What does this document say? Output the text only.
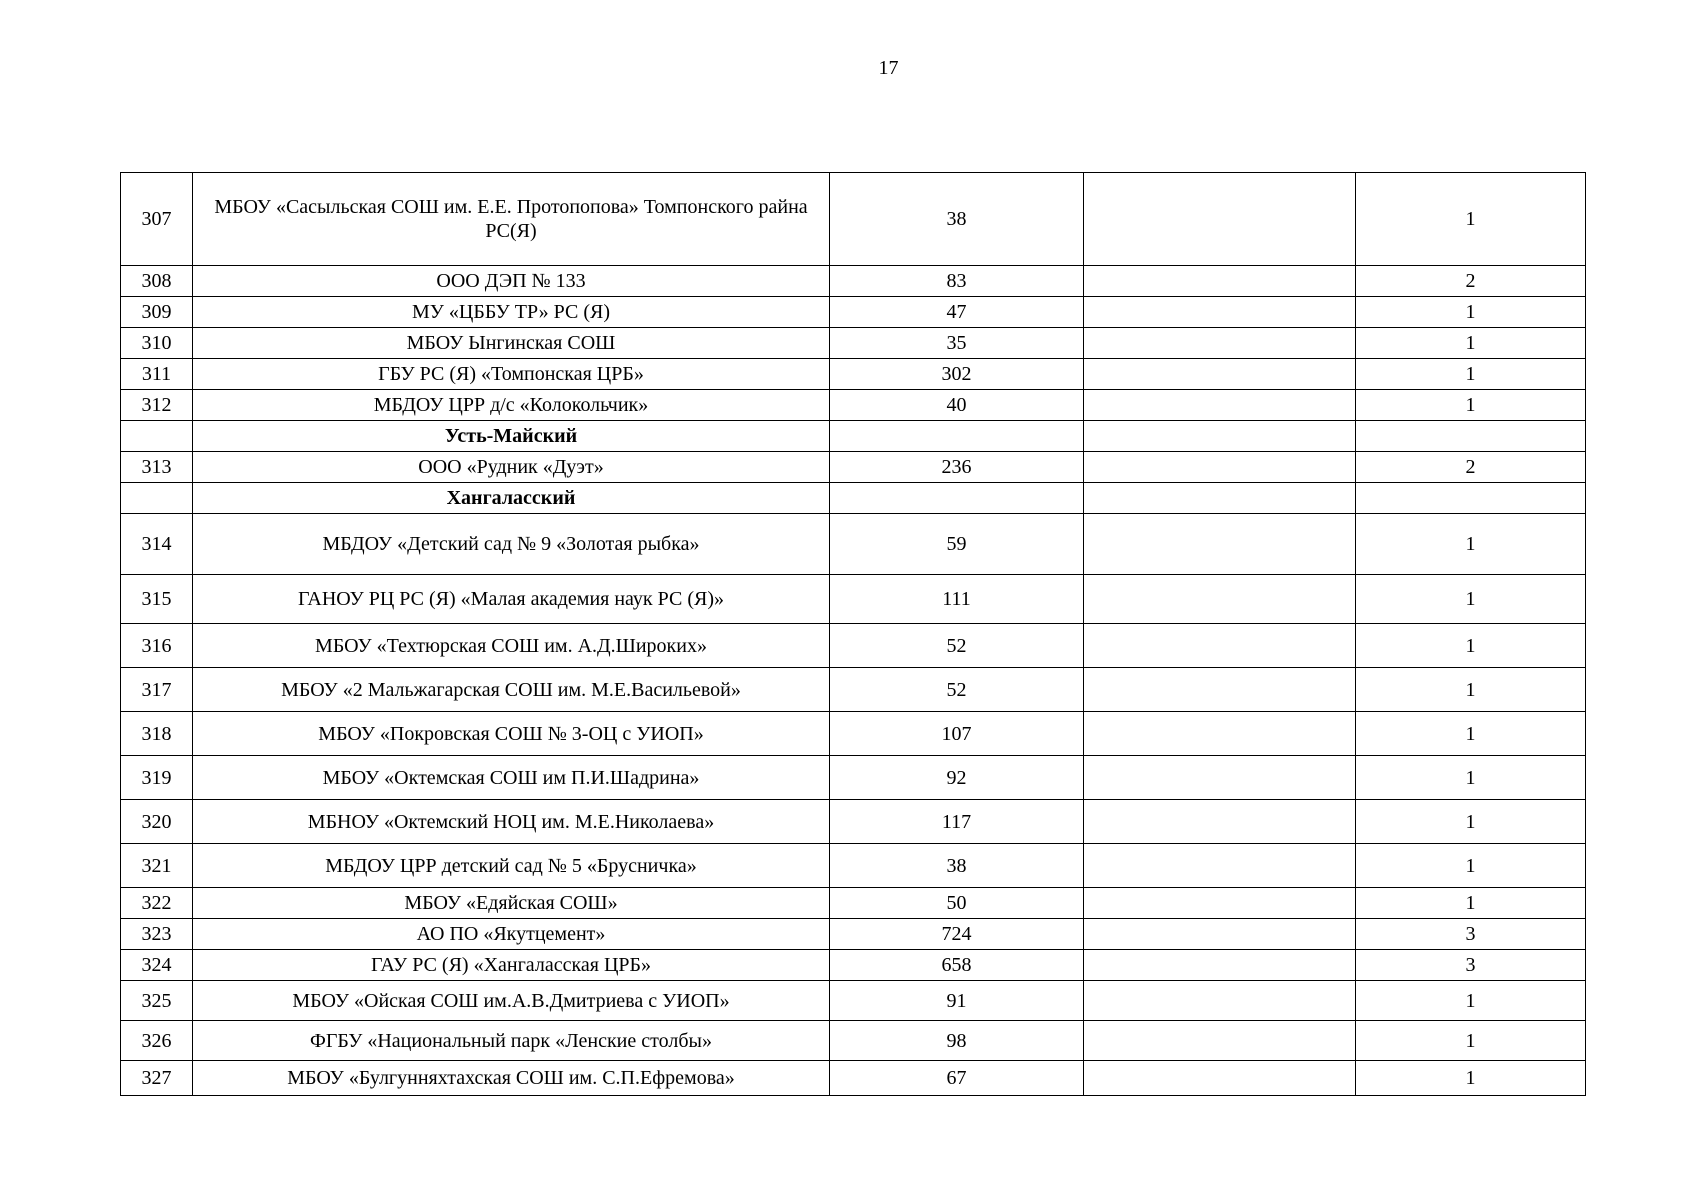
17
307	МБОУ «Сасыльская СОШ им. Е.Е. Протопопова» Томпонского райна РС(Я)	38		1
308	ООО ДЭП № 133	83		2
309	МУ «ЦББУ ТР» РС (Я)	47		1
310	МБОУ Ынгинская СОШ	35		1
311	ГБУ РС (Я) «Томпонская ЦРБ»	302		1
312	МБДОУ ЦРР д/с «Колокольчик»	40		1
	Усть-Майский			
313	ООО «Рудник «Дуэт»	236		2
	Хангаласский			
314	МБДОУ «Детский сад № 9 «Золотая рыбка»	59		1
315	ГАНОУ РЦ РС (Я) «Малая академия наук РС (Я)»	111		1
316	МБОУ «Техтюрская СОШ им. А.Д.Широких»	52		1
317	МБОУ «2 Мальжагарская СОШ им. М.Е.Васильевой»	52		1
318	МБОУ «Покровская СОШ № 3-ОЦ с УИОП»	107		1
319	МБОУ «Октемская СОШ им П.И.Шадрина»	92		1
320	МБНОУ «Октемский НОЦ им. М.Е.Николаева»	117		1
321	МБДОУ ЦРР детский сад № 5 «Брусничка»	38		1
322	МБОУ «Едяйская СОШ»	50		1
323	АО ПО «Якутцемент»	724		3
324	ГАУ РС (Я) «Хангаласская ЦРБ»	658		3
325	МБОУ «Ойская СОШ им.А.В.Дмитриева с УИОП»	91		1
326	ФГБУ «Национальный парк «Ленские столбы»	98		1
327	МБОУ «Булгунняхтахская СОШ им. С.П.Ефремова»	67		1
